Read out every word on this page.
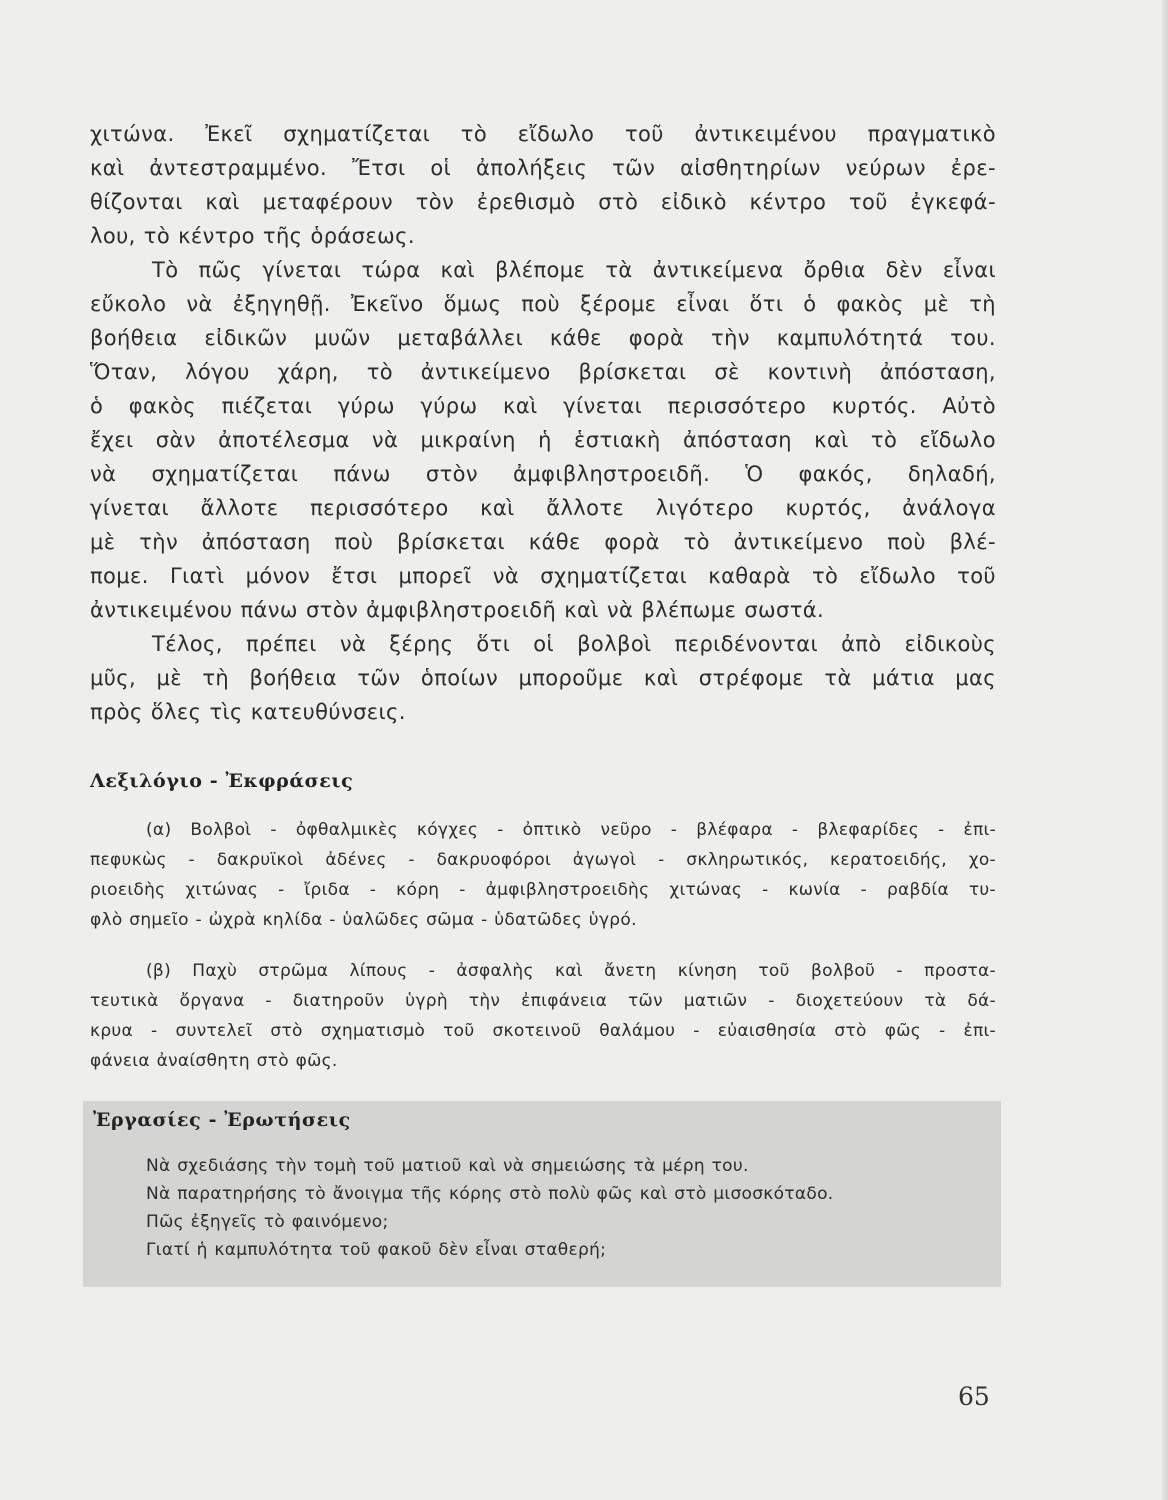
χιτώνα. Ἐκεῖ σχηματίζεται τὸ εἴδωλο τοῦ ἀντικειμένου πραγματικὸ
καὶ ἀντεστραμμένο. Ἔτσι οἱ ἀπολήξεις τῶν αἰσθητηρίων νεύρων ἐρε-
θίζονται καὶ μεταφέρουν τὸν ἐρεθισμὸ στὸ εἰδικὸ κέντρο τοῦ ἐγκεφά-
λου, τὸ κέντρο τῆς ὁράσεως.
Τὸ πῶς γίνεται τώρα καὶ βλέπομε τὰ ἀντικείμενα ὄρθια δὲν εἶναι
εὔκολο νὰ ἐξηγηθῇ. Ἐκεῖνο ὅμως ποὺ ξέρομε εἶναι ὅτι ὁ φακὸς μὲ τὴ
βοήθεια εἰδικῶν μυῶν μεταβάλλει κάθε φορὰ τὴν καμπυλότητά του.
Ὅταν, λόγου χάρη, τὸ ἀντικείμενο βρίσκεται σὲ κοντινὴ ἀπόσταση,
ὁ φακὸς πιέζεται γύρω γύρω καὶ γίνεται περισσότερο κυρτός. Αὐτὸ
ἔχει σὰν ἀποτέλεσμα νὰ μικραίνη ἡ ἑστιακὴ ἀπόσταση καὶ τὸ εἴδωλο
νὰ σχηματίζεται πάνω στὸν ἀμφιβληστροειδῆ. Ὁ φακός, δηλαδή,
γίνεται ἄλλοτε περισσότερο καὶ ἄλλοτε λιγότερο κυρτός, ἀνάλογα
μὲ τὴν ἀπόσταση ποὺ βρίσκεται κάθε φορὰ τὸ ἀντικείμενο ποὺ βλέ-
πομε. Γιατὶ μόνον ἔτσι μπορεῖ νὰ σχηματίζεται καθαρὰ τὸ εἴδωλο τοῦ
ἀντικειμένου πάνω στὸν ἀμφιβληστροειδῆ καὶ νὰ βλέπωμε σωστά.
Τέλος, πρέπει νὰ ξέρης ὅτι οἱ βολβοὶ περιδένονται ἀπὸ εἰδικοὺς
μῦς, μὲ τὴ βοήθεια τῶν ὁποίων μποροῦμε καὶ στρέφομε τὰ μάτια μας
πρὸς ὅλες τὶς κατευθύνσεις.
Λεξιλόγιο - Ἐκφράσεις
(α) Βολβοὶ - ὀφθαλμικὲς κόγχες - ὀπτικὸ νεῦρο - βλέφαρα - βλεφαρίδες - ἐπι-
πεφυκὼς - δακρυϊκοὶ ἀδένες - δακρυοφόροι ἀγωγοὶ - σκληρωτικός, κερατοειδής, χο-
ριοειδὴς χιτώνας - ἴριδα - κόρη - ἀμφιβληστροειδὴς χιτώνας - κωνία - ραβδία τυ-
φλὸ σημεῖο - ὠχρὰ κηλίδα - ὑαλῶδες σῶμα - ὑδατῶδες ὑγρό.
(β) Παχὺ στρῶμα λίπους - ἀσφαλὴς καὶ ἄνετη κίνηση τοῦ βολβοῦ - προστα-
τευτικὰ ὄργανα - διατηροῦν ὑγρὴ τὴν ἐπιφάνεια τῶν ματιῶν - διοχετεύουν τὰ δά-
κρυα - συντελεῖ στὸ σχηματισμὸ τοῦ σκοτεινοῦ θαλάμου - εὐαισθησία στὸ φῶς - ἐπι-
φάνεια ἀναίσθητη στὸ φῶς.
Ἐργασίες - Ἐρωτήσεις
Νὰ σχεδιάσης τὴν τομὴ τοῦ ματιοῦ καὶ νὰ σημειώσης τὰ μέρη του.
Νὰ παρατηρήσης τὸ ἄνοιγμα τῆς κόρης στὸ πολὺ φῶς καὶ στὸ μισοσκόταδο.
Πῶς ἐξηγεῖς τὸ φαινόμενο;
Γιατί ἡ καμπυλότητα τοῦ φακοῦ δὲν εἶναι σταθερή;
65
